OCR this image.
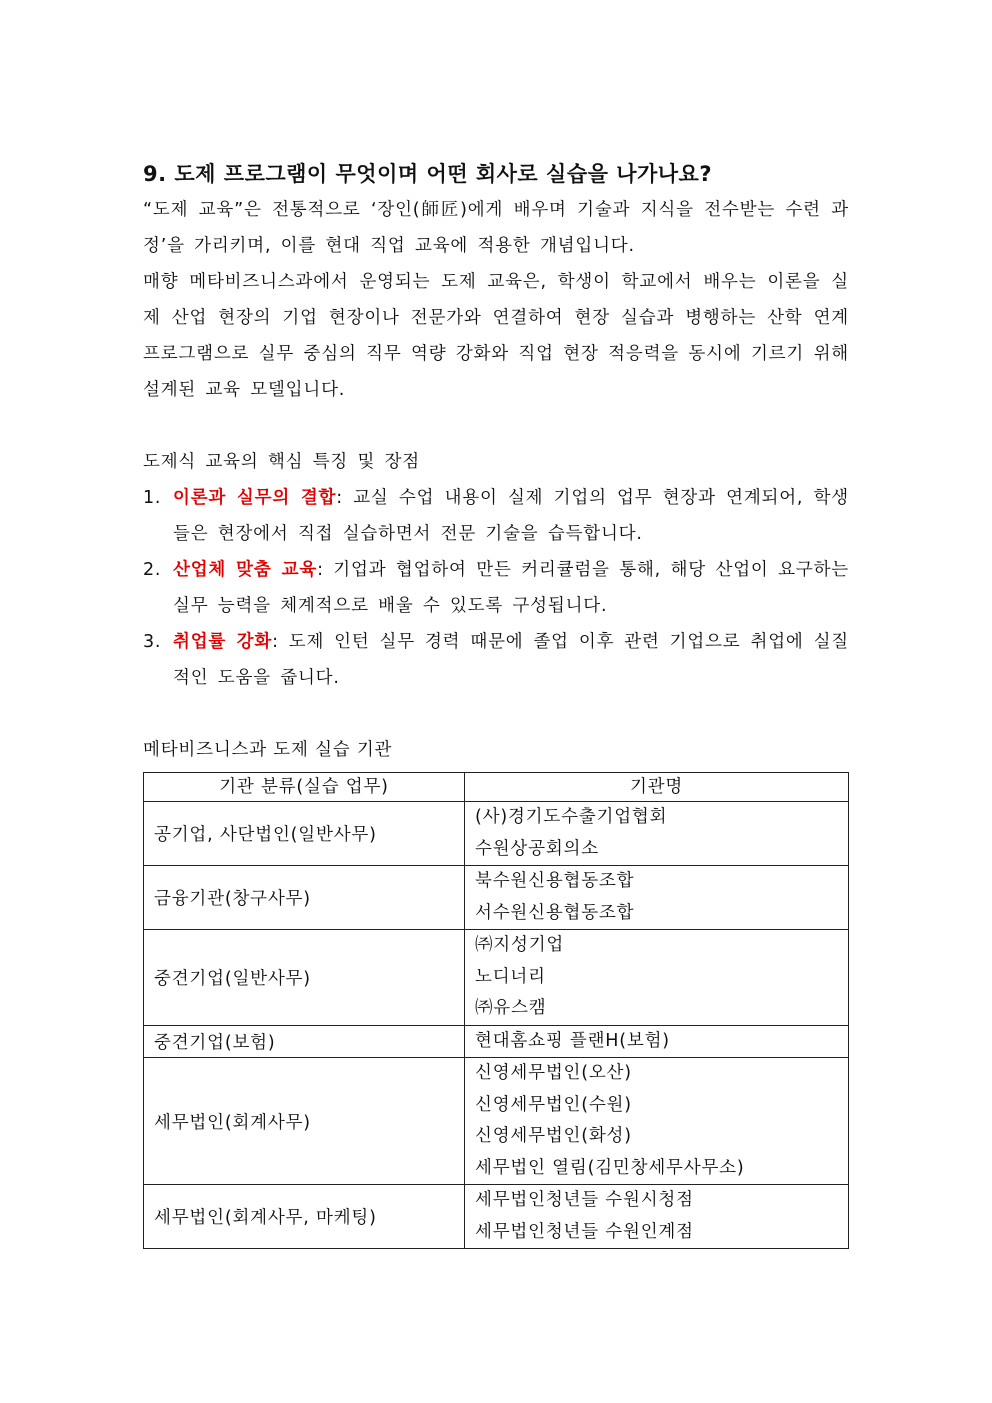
9. 도제 프로그램이 무엇이며 어떤 회사로 실습을 나가나요?

“도제 교육”은 전통적으로 ‘장인(師匠)에게 배우며 기술과 지식을 전수받는 수련 과정’을 가리키며, 이를 현대 직업 교육에 적용한 개념입니다.

매향 메타비즈니스과에서 운영되는 도제 교육은, 학생이 학교에서 배우는 이론을 실제 산업 현장의 기업 현장이나 전문가와 연결하여 현장 실습과 병행하는 산학 연계 프로그램으로 실무 중심의 직무 역량 강화와 직업 현장 적응력을 동시에 기르기 위해 설계된 교육 모델입니다.

도제식 교육의 핵심 특징 및 장점

1. 이론과 실무의 결합: 교실 수업 내용이 실제 기업의 업무 현장과 연계되어, 학생들은 현장에서 직접 실습하면서 전문 기술을 습득합니다.
2. 산업체 맞춤 교육: 기업과 협업하여 만든 커리큘럼을 통해, 해당 산업이 요구하는 실무 능력을 체계적으로 배울 수 있도록 구성됩니다.
3. 취업률 강화: 도제 인턴 실무 경력 때문에 졸업 이후 관련 기업으로 취업에 실질적인 도움을 줍니다.

메타비즈니스과 도제 실습 기관

기관 분류(실습 업무)	기관명
공기업, 사단법인(일반사무)	(사)경기도수출기업협회
수원상공회의소

금융기관(창구사무)	북수원신용협동조합
서수원신용협동조합

중견기업(일반사무)	㈜지성기업
노디너리
㈜유스캠

중견기업(보험)	현대홈쇼핑 플랜H(보험)

세무법인(회계사무)	신영세무법인(오산)
신영세무법인(수원)
신영세무법인(화성)
세무법인 열림(김민창세무사무소)

세무법인(회계사무, 마케팅)	세무법인청년들 수원시청점
세무법인청년들 수원인계점
